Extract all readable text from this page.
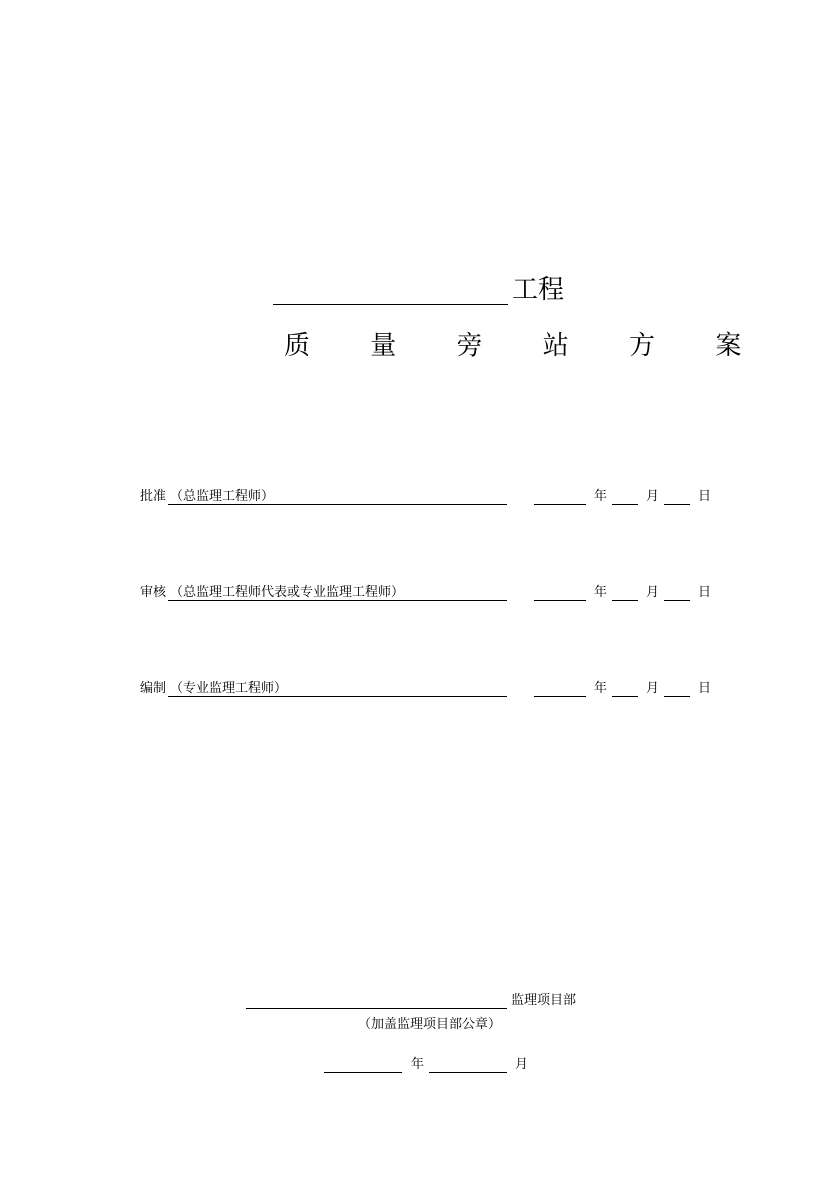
工程
质 量 旁 站 方 案
批准 （总监理工程师）	年	月	日
审核 （总监理工程师代表或专业监理工程师）	年	月	日
编制 （专业监理工程师）	年	月	日
监理项目部
（加盖监理项目部公章）
年	月
